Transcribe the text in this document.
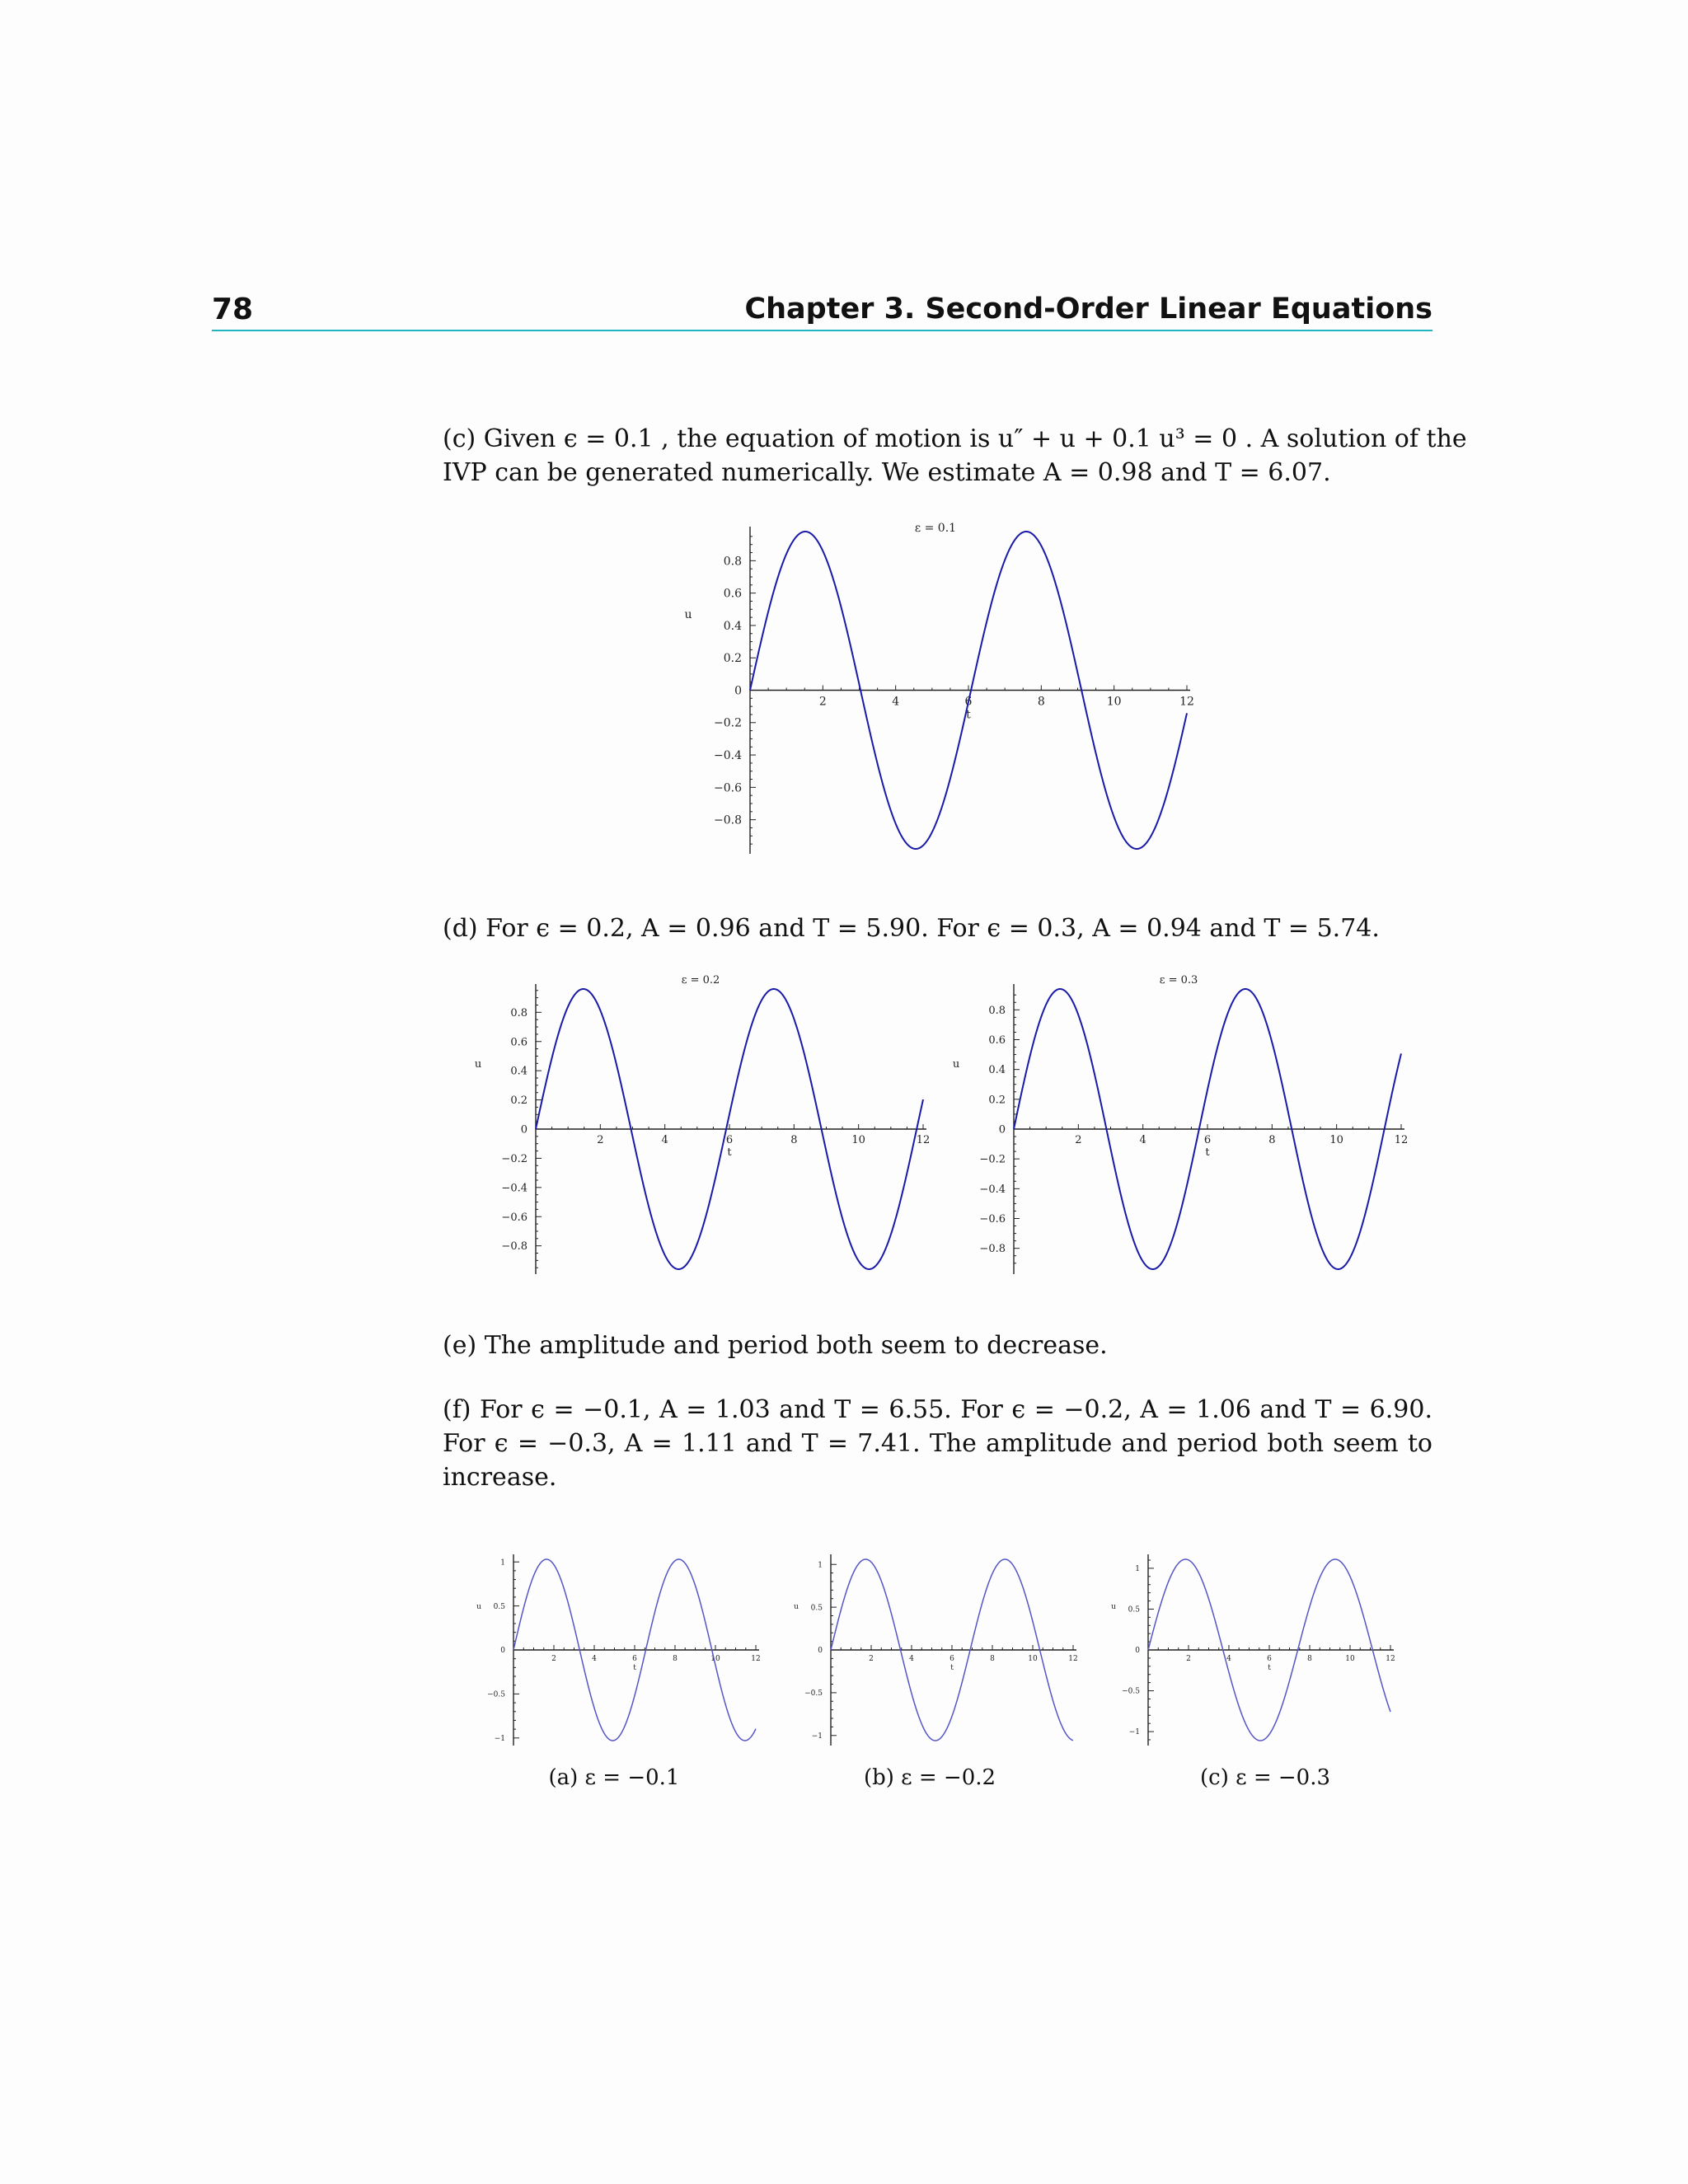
78	Chapter 3. Second-Order Linear Equations
(c) Given ϵ = 0.1 , the equation of motion is u″ + u + 0.1 u³ = 0 . A solution of the
IVP can be generated numerically. We estimate A = 0.98 and T = 6.07.
2	4	6	8	10	12
0.8
0.6
0.4
0.2
0
−0.2
−0.4
−0.6
−0.8
t
u
ε = 0.1
(d) For ϵ = 0.2, A = 0.96 and T = 5.90. For ϵ = 0.3, A = 0.94 and T = 5.74.
2	4	6	8	10	12
0.8
0.6
0.4
0.2
0
−0.2
−0.4
−0.6
−0.8
t
u
ε = 0.2
2	4	6	8	10	12
0.8
0.6
0.4
0.2
0
−0.2
−0.4
−0.6
−0.8
t
u
ε = 0.3
(e) The amplitude and period both seem to decrease.
(f) For ϵ = −0.1, A = 1.03 and T = 6.55. For ϵ = −0.2, A = 1.06 and T = 6.90.
For ϵ = −0.3, A = 1.11 and T = 7.41. The amplitude and period both seem to
increase.
2	4	6	8	10	12
1
0.5
0
−0.5
−1
t
u
2	4	6	8	10	12
1
0.5
0
−0.5
−1
t
u
2	4	6	8	10	12
1
0.5
0
−0.5
−1
t
u
(a) ε = −0.1	(b) ε = −0.2	(c) ε = −0.3
